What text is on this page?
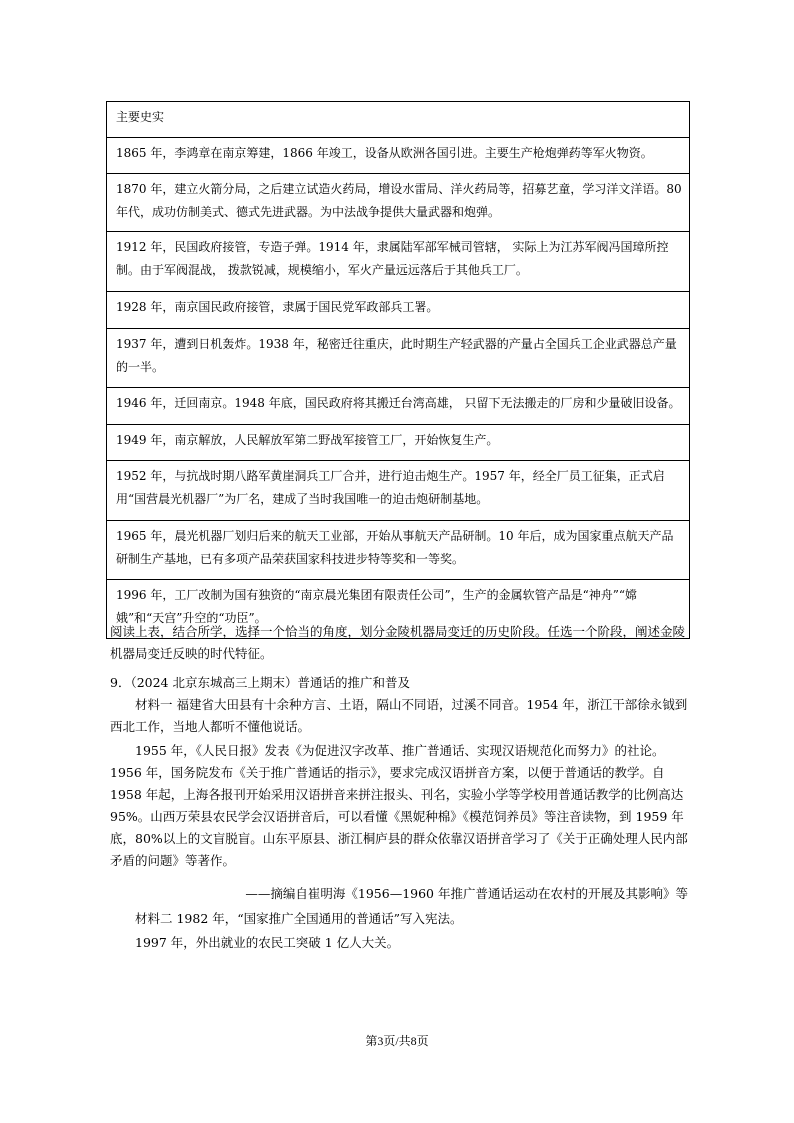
主要史实
1865 年，李鸿章在南京筹建，1866 年竣工，设备从欧洲各国引进。主要生产枪炮弹药等军火物资。
1870 年，建立火箭分局，之后建立试造火药局，增设水雷局、洋火药局等，招募艺童，学习洋文洋语。80 年代，成功仿制美式、德式先进武器。为中法战争提供大量武器和炮弹。
1912 年，民国政府接管，专造子弹。1914 年，隶属陆军部军械司管辖， 实际上为江苏军阀冯国璋所控制。由于军阀混战， 拨款锐减，规模缩小，军火产量远远落后于其他兵工厂。
1928 年，南京国民政府接管，隶属于国民党军政部兵工署。
1937 年，遭到日机轰炸。1938 年，秘密迁往重庆，此时期生产轻武器的产量占全国兵工企业武器总产量的一半。
1946 年，迁回南京。1948 年底，国民政府将其搬迁台湾高雄， 只留下无法搬走的厂房和少量破旧设备。
1949 年，南京解放，人民解放军第二野战军接管工厂，开始恢复生产。
1952 年，与抗战时期八路军黄崖洞兵工厂合并，进行迫击炮生产。1957 年，经全厂员工征集，正式启用“国营晨光机器厂”为厂名，建成了当时我国唯一的迫击炮研制基地。
1965 年，晨光机器厂划归后来的航天工业部，开始从事航天产品研制。10 年后，成为国家重点航天产品研制生产基地，已有多项产品荣获国家科技进步特等奖和一等奖。
1996 年，工厂改制为国有独资的“南京晨光集团有限责任公司”，生产的金属软管产品是“神舟”“嫦娥”和“天宫”升空的“功臣”。

阅读上表，结合所学，选择一个恰当的角度，划分金陵机器局变迁的历史阶段。任选一个阶段，阐述金陵机器局变迁反映的时代特征。

9．（2024 北京东城高三上期末）普通话的推广和普及

材料一 福建省大田县有十余种方言、土语，隔山不同语，过溪不同音。1954 年，浙江干部徐永钺到西北工作，当地人都听不懂他说话。

1955 年，《人民日报》发表《为促进汉字改革、推广普通话、实现汉语规范化而努力》的社论。1956 年，国务院发布《关于推广普通话的指示》，要求完成汉语拼音方案，以便于普通话的教学。自 1958 年起，上海各报刊开始采用汉语拼音来拼注报头、刊名，实验小学等学校用普通话教学的比例高达 95%。山西万荣县农民学会汉语拼音后，可以看懂《黑妮种棉》《模范饲养员》等注音读物，到 1959 年底，80%以上的文盲脱盲。山东平原县、浙江桐庐县的群众依靠汉语拼音学习了《关于正确处理人民内部矛盾的问题》等著作。

——摘编自崔明海《1956—1960 年推广普通话运动在农村的开展及其影响》等

材料二 1982 年，“国家推广全国通用的普通话”写入宪法。

1997 年，外出就业的农民工突破 1 亿人大关。

第3页/共8页
